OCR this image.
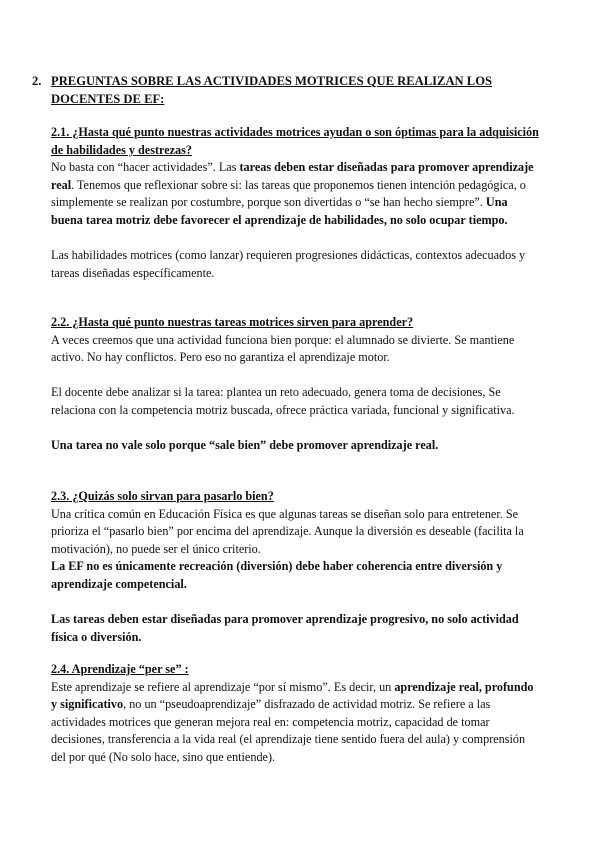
2. PREGUNTAS SOBRE LAS ACTIVIDADES MOTRICES QUE REALIZAN LOS DOCENTES DE EF:

2.1. ¿Hasta qué punto nuestras actividades motrices ayudan o son óptimas para la adquisición de habilidades y destrezas?

No basta con “hacer actividades”. Las tareas deben estar diseñadas para promover aprendizaje real. Tenemos que reflexionar sobre si: las tareas que proponemos tienen intención pedagógica, o simplemente se realizan por costumbre, porque son divertidas o “se han hecho siempre”. Una buena tarea motriz debe favorecer el aprendizaje de habilidades, no solo ocupar tiempo.

Las habilidades motrices (como lanzar) requieren progresiones didácticas, contextos adecuados y tareas diseñadas específicamente.

2.2. ¿Hasta qué punto nuestras tareas motrices sirven para aprender?

A veces creemos que una actividad funciona bien porque: el alumnado se divierte. Se mantiene activo. No hay conflictos. Pero eso no garantiza el aprendizaje motor.

El docente debe analizar si la tarea: plantea un reto adecuado, genera toma de decisiones, Se relaciona con la competencia motriz buscada, ofrece práctica variada, funcional y significativa.

Una tarea no vale solo porque “sale bien” debe promover aprendizaje real.

2.3. ¿Quizás solo sirvan para pasarlo bien?

Una crítica común en Educación Física es que algunas tareas se diseñan solo para entretener. Se prioriza el “pasarlo bien” por encima del aprendizaje. Aunque la diversión es deseable (facilita la motivación), no puede ser el único criterio.

La EF no es únicamente recreación (diversión) debe haber coherencia entre diversión y aprendizaje competencial.

Las tareas deben estar diseñadas para promover aprendizaje progresivo, no solo actividad física o diversión.

2.4. Aprendizaje “per se” :

Este aprendizaje se refiere al aprendizaje “por sí mismo”. Es decir, un aprendizaje real, profundo y significativo, no un “pseudoaprendizaje” disfrazado de actividad motriz. Se refiere a las actividades motrices que generan mejora real en: competencia motriz, capacidad de tomar decisiones, transferencia a la vida real (el aprendizaje tiene sentido fuera del aula) y comprensión del por qué (No solo hace, sino que entiende).
